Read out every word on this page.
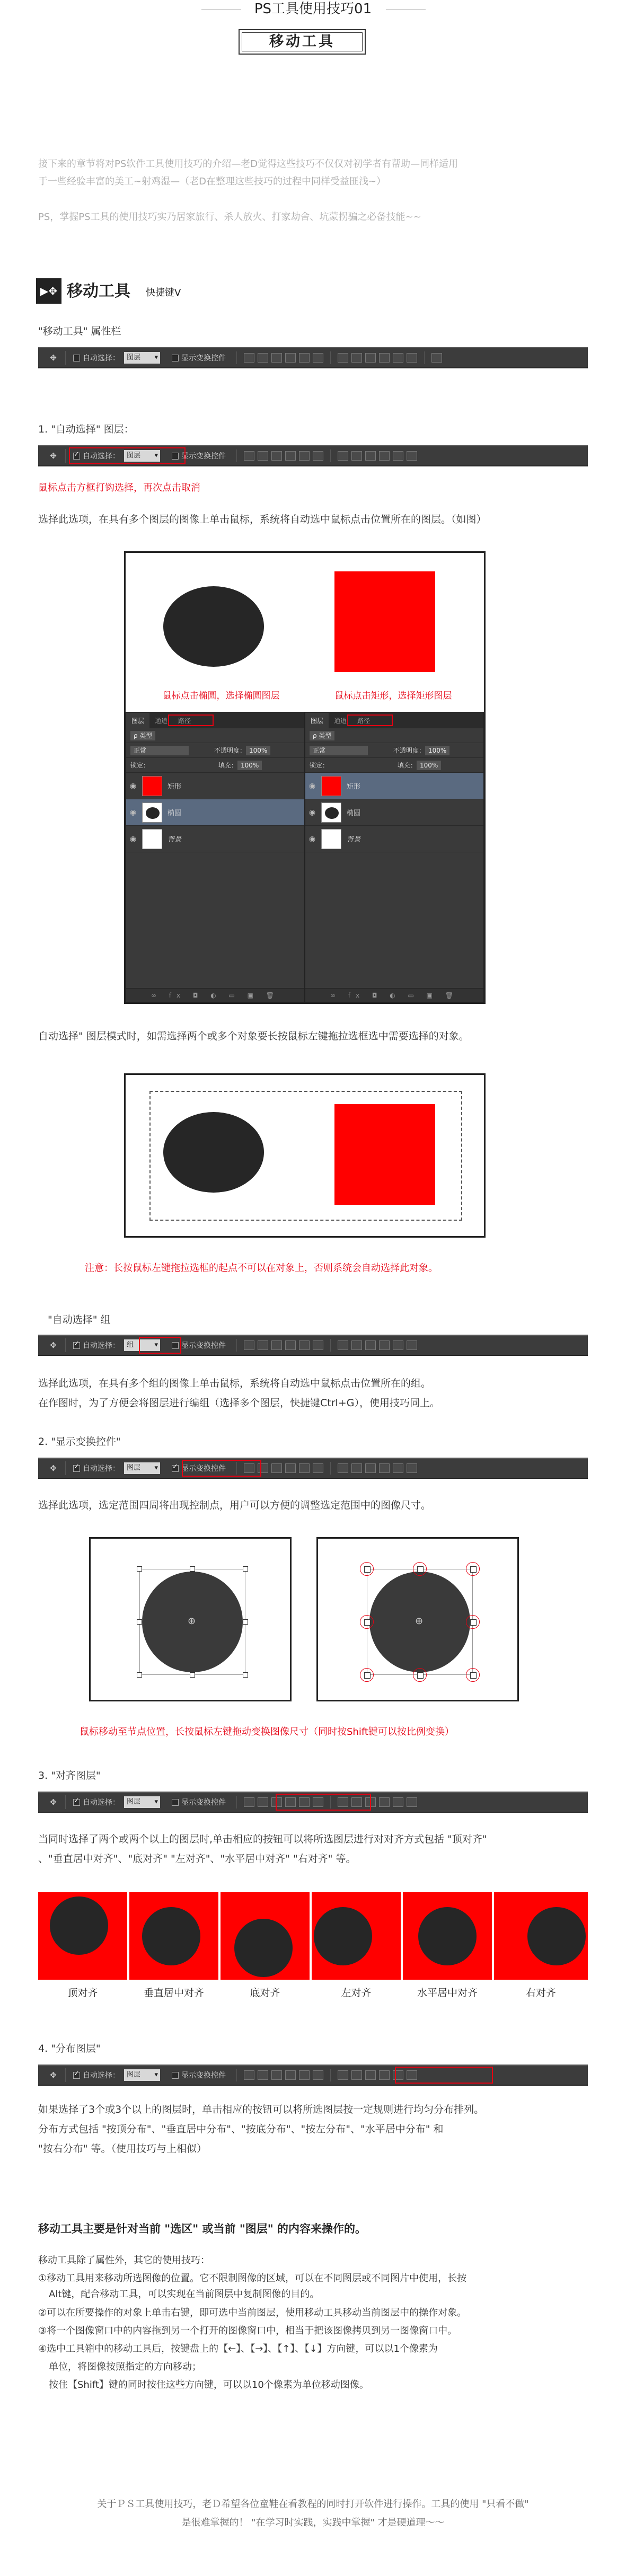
PS工具使用技巧01
移动工具
接下来的章节将对PS软件工具使用技巧的介绍—老D觉得这些技巧不仅仅对初学者有帮助—同样适用
于一些经验丰富的美工~射鸡湿—（老D在整理这些技巧的过程中同样受益匪浅~）
PS，掌握PS工具的使用技巧实乃居家旅行、杀人放火、打家劫舍、坑蒙拐骗之必备技能~~
▶✥ 移动工具 快捷键V
"移动工具" 属性栏
✥	自动选择：	图层 ▾	显示变换控件
1. "自动选择" 图层：
✥ ✓	自动选择：	图层 ▾	显示变换控件
鼠标点击方框打钩选择，再次点击取消
选择此选项，在具有多个图层的图像上单击鼠标，系统将自动选中鼠标点击位置所在的图层。（如图）
鼠标点击椭圆，选择椭圆图层	鼠标点击矩形，选择矩形图层
图层	通道	路径
ρ 类型
正常	不透明度： 100%
锁定：	填充： 100%
◉	矩形
◉	椭圆
◉	背景
∞ fx ◘ ◐ ▭ ▣ 🗑
图层	通道	路径
ρ 类型
正常	不透明度： 100%
锁定：	填充： 100%
◉	矩形
◉	椭圆
◉	背景
∞ fx ◘ ◐ ▭ ▣ 🗑
自动选择" 图层模式时，如需选择两个或多个对象要长按鼠标左键拖拉选框选中需要选择的对象。
注意：长按鼠标左键拖拉选框的起点不可以在对象上，否则系统会自动选择此对象。
"自动选择" 组
✥ ✓	自动选择：	组 ▾	显示变换控件
选择此选项，在具有多个组的图像上单击鼠标，系统将自动选中鼠标点击位置所在的组。
在作图时，为了方便会将图层进行编组（选择多个图层，快捷键Ctrl+G），使用技巧同上。
2. "显示变换控件"
✥ ✓	自动选择：	图层 ▾ ✓	显示变换控件
选择此选项，选定范围四周将出现控制点，用户可以方便的调整选定范围中的图像尺寸。
⊕	⊕
鼠标移动至节点位置，长按鼠标左键拖动变换图像尺寸（同时按Shift键可以按比例变换）
3. "对齐图层"
✥ ✓	自动选择：	图层 ▾	显示变换控件
当同时选择了两个或两个以上的图层时,单击相应的按钮可以将所选图层进行对对齐方式包括 "顶对齐"
、"垂直居中对齐"、"底对齐" "左对齐"、"水平居中对齐" "右对齐" 等。
顶对齐	垂直居中对齐	底对齐	左对齐	水平居中对齐	右对齐
4. "分布图层"
✥ ✓	自动选择：	图层 ▾	显示变换控件
如果选择了3个或3个以上的图层时，单击相应的按钮可以将所选图层按一定规则进行均匀分布排列。
分布方式包括 "按顶分布"、"垂直居中分布"、"按底分布"、"按左分布"、"水平居中分布" 和
"按右分布" 等。（使用技巧与上相似）
移动工具主要是针对当前 "选区" 或当前 "图层" 的内容来操作的。
移动工具除了属性外，其它的使用技巧：
①移动工具用来移动所选图像的位置。它不限制图像的区域，可以在不同图层或不同图片中使用，长按
Alt键，配合移动工具，可以实现在当前图层中复制图像的目的。
②可以在所要操作的对象上单击右键，即可选中当前图层，使用移动工具移动当前图层中的操作对象。
③将一个图像窗口中的内容拖到另一个打开的图像窗口中，相当于把该图像拷贝到另一图像窗口中。
④选中工具箱中的移动工具后，按键盘上的【←】、【→】、【↑】、【↓】方向键，可以以1个像素为
单位，将图像按照指定的方向移动；
按住【Shift】键的同时按住这些方向键，可以以10个像素为单位移动图像。
关于ＰＳ工具使用技巧，老Ｄ希望各位童鞋在看教程的同时打开软件进行操作。工具的使用 "只看不做"
是很难掌握的！ "在学习时实践，实践中掌握" 才是硬道理～～
